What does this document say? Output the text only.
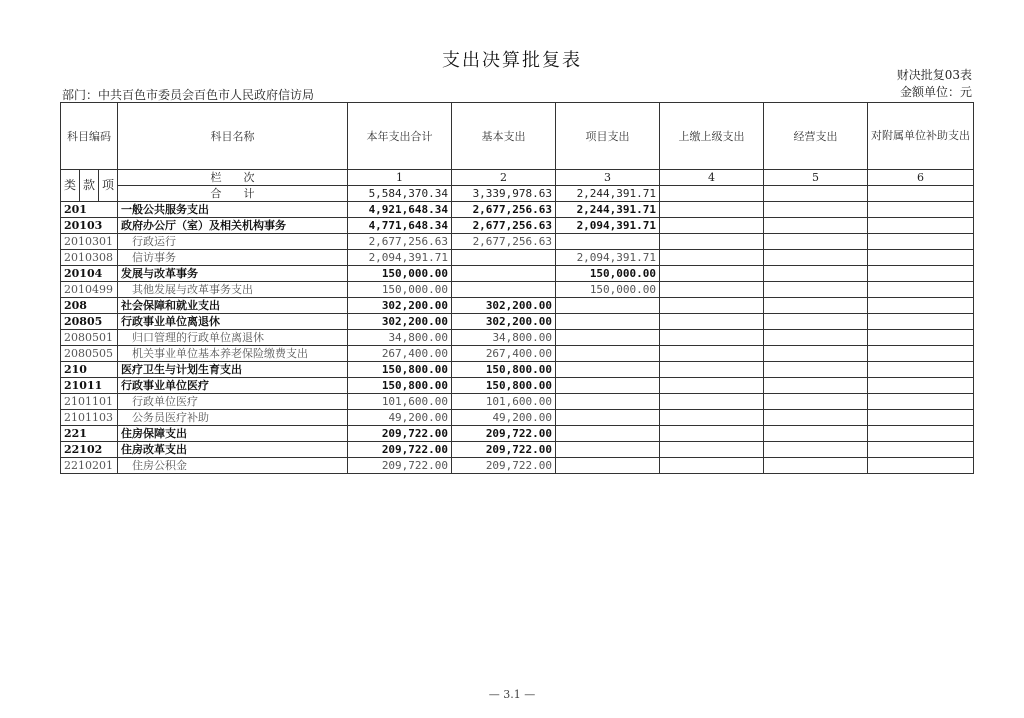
支出决算批复表
财决批复03表
金额单位：元
部门：中共百色市委员会百色市人民政府信访局
科目编码			科目名称	本年支出合计	基本支出	项目支出	上缴上级支出	经营支出	对附属单位补助支出
类	款	项	栏　　次	1	2	3	4	5	6
			合　　计	5,584,370.34	3,339,978.63	2,244,391.71			
201			一般公共服务支出	4,921,648.34	2,677,256.63	2,244,391.71			
20103			政府办公厅（室）及相关机构事务	4,771,648.34	2,677,256.63	2,094,391.71			
2010301			行政运行	2,677,256.63	2,677,256.63				
2010308			信访事务	2,094,391.71		2,094,391.71			
20104			发展与改革事务	150,000.00		150,000.00			
2010499			其他发展与改革事务支出	150,000.00		150,000.00			
208			社会保障和就业支出	302,200.00	302,200.00				
20805			行政事业单位离退休	302,200.00	302,200.00				
2080501			归口管理的行政单位离退休	34,800.00	34,800.00				
2080505			机关事业单位基本养老保险缴费支出	267,400.00	267,400.00				
210			医疗卫生与计划生育支出	150,800.00	150,800.00				
21011			行政事业单位医疗	150,800.00	150,800.00				
2101101			行政单位医疗	101,600.00	101,600.00				
2101103			公务员医疗补助	49,200.00	49,200.00				
221			住房保障支出	209,722.00	209,722.00				
22102			住房改革支出	209,722.00	209,722.00				
2210201			住房公积金	209,722.00	209,722.00				
— 3.1 —
